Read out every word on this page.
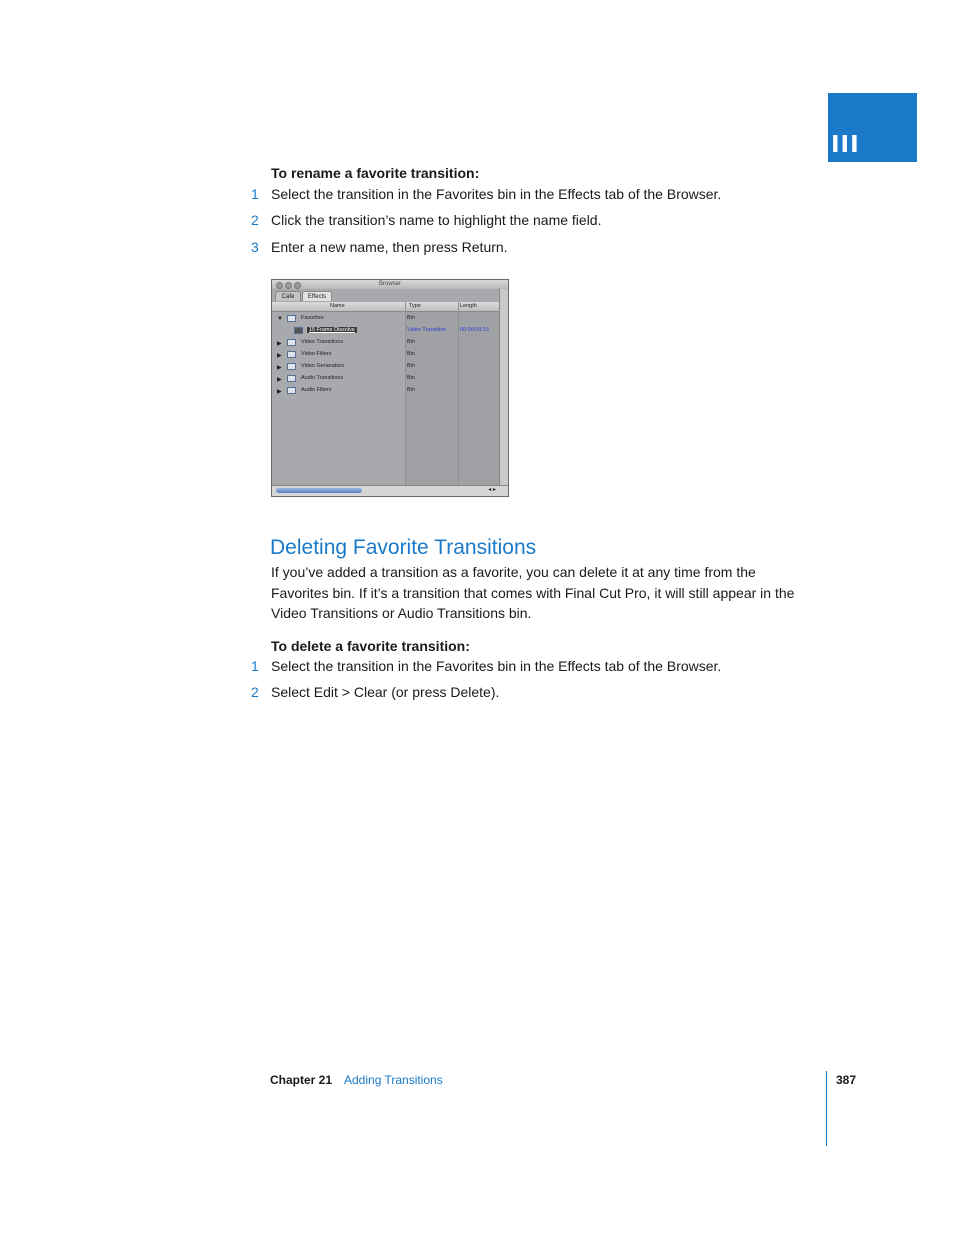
III
To rename a favorite transition:
1 Select the transition in the Favorites bin in the Effects tab of the Browser.
2 Click the transition’s name to highlight the name field.
3 Enter a new name, then press Return.
Browser
Cafe	Effects
Name	Type	Length
▼	Favorites	Bin
15 Frame Dissolve	Video Transition 00:00:00:15
▶	Video Transitions	Bin
▶	Video Filters	Bin
▶	Video Generators	Bin
▶	Audio Transitions	Bin
▶	Audio Filters	Bin
◂ ▸
Deleting Favorite Transitions
If you’ve added a transition as a favorite, you can delete it at any time from the
Favorites bin. If it’s a transition that comes with Final Cut Pro, it will still appear in the
Video Transitions or Audio Transitions bin.
To delete a favorite transition:
1 Select the transition in the Favorites bin in the Effects tab of the Browser.
2 Select Edit > Clear (or press Delete).
Chapter 21 Adding Transitions	387
